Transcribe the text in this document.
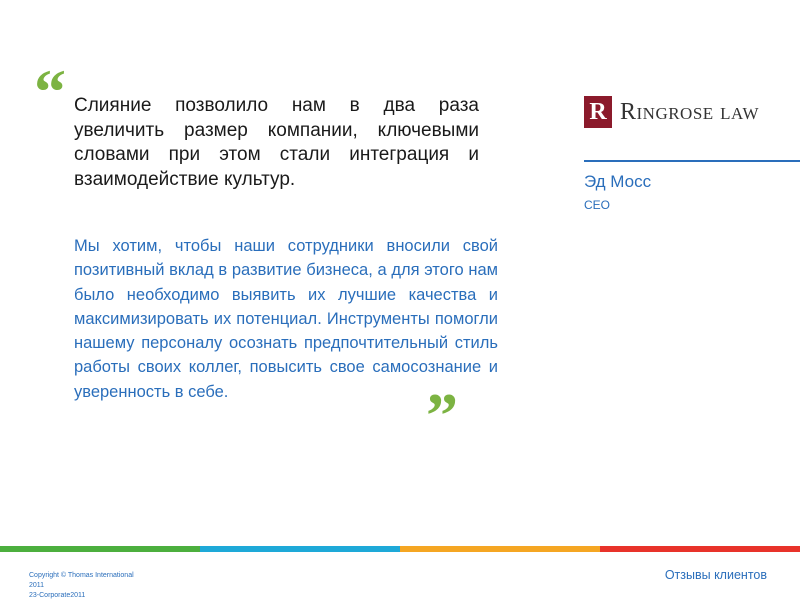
“ Слияние позволило нам в два раза увеличить размер компании, ключевыми словами при этом стали интеграция и взаимодействие культур.

Мы хотим, чтобы наши сотрудники вносили свой позитивный вклад в развитие бизнеса, а для этого нам было необходимо выявить их лучшие качества и максимизировать их потенциал. Инструменты помогли нашему персоналу осознать предпочтительный стиль работы своих коллег, повысить свое самосознание и уверенность в себе.	”
R Ringrose law
Эд Мосс
CEO
Copyright © Thomas International
2011
23-Corporate2011
Отзывы клиентов
